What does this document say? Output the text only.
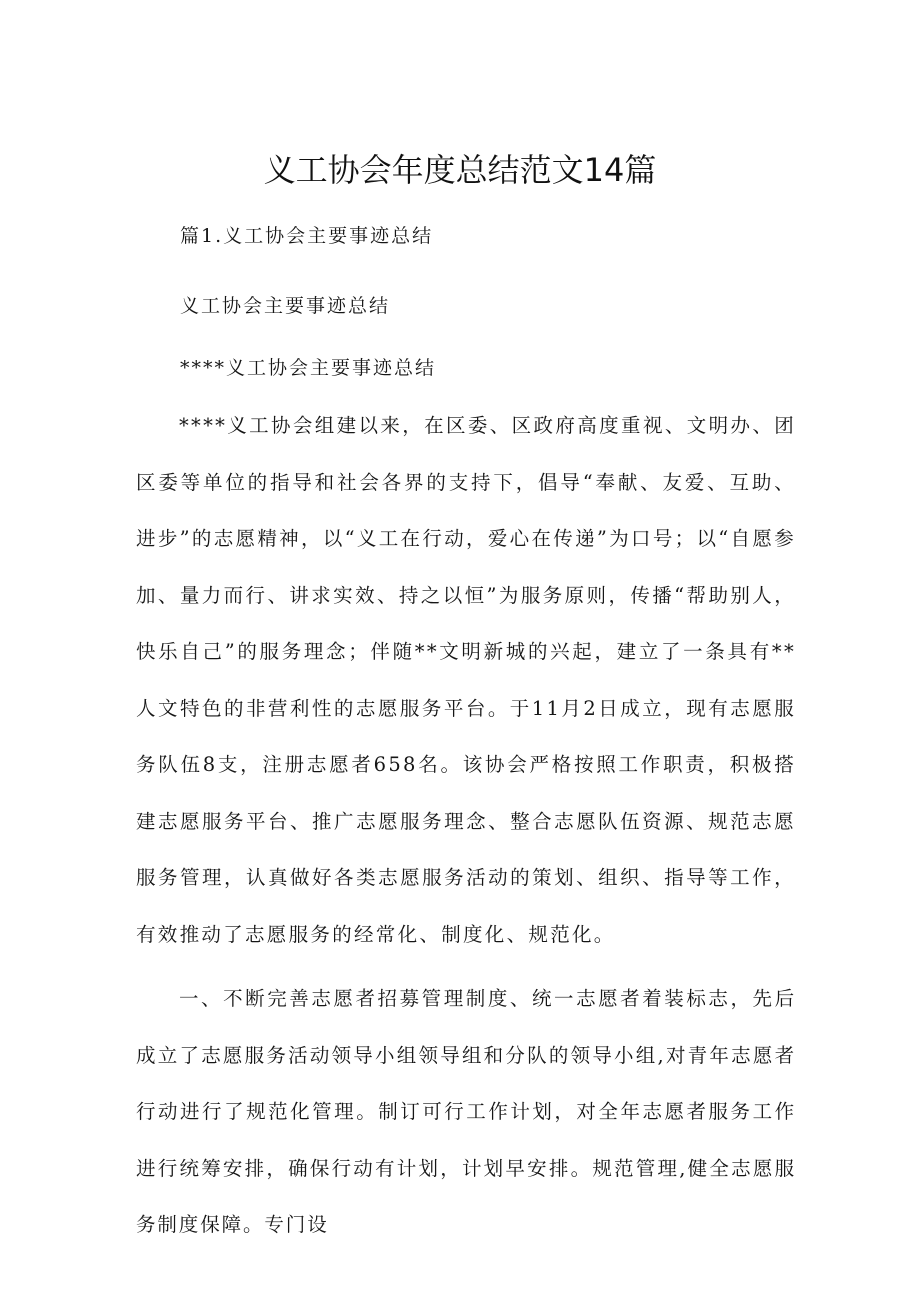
义工协会年度总结范文14篇
篇1.义工协会主要事迹总结
义工协会主要事迹总结
****义工协会主要事迹总结

****义工协会组建以来，在区委、区政府高度重视、文明办、团区委等单位的指导和社会各界的支持下，倡导“奉献、友爱、互助、进步”的志愿精神，以“义工在行动，爱心在传递”为口号；以“自愿参加、量力而行、讲求实效、持之以恒”为服务原则，传播“帮助别人，快乐自己”的服务理念；伴随**文明新城的兴起，建立了一条具有**人文特色的非营利性的志愿服务平台。于11月2日成立，现有志愿服务队伍8支，注册志愿者658名。该协会严格按照工作职责，积极搭建志愿服务平台、推广志愿服务理念、整合志愿队伍资源、规范志愿服务管理，认真做好各类志愿服务活动的策划、组织、指导等工作，有效推动了志愿服务的经常化、制度化、规范化。

一、不断完善志愿者招募管理制度、统一志愿者着装标志，先后成立了志愿服务活动领导小组领导组和分队的领导小组,对青年志愿者行动进行了规范化管理。制订可行工作计划，对全年志愿者服务工作进行统筹安排，确保行动有计划，计划早安排。规范管理,健全志愿服务制度保障。专门设
